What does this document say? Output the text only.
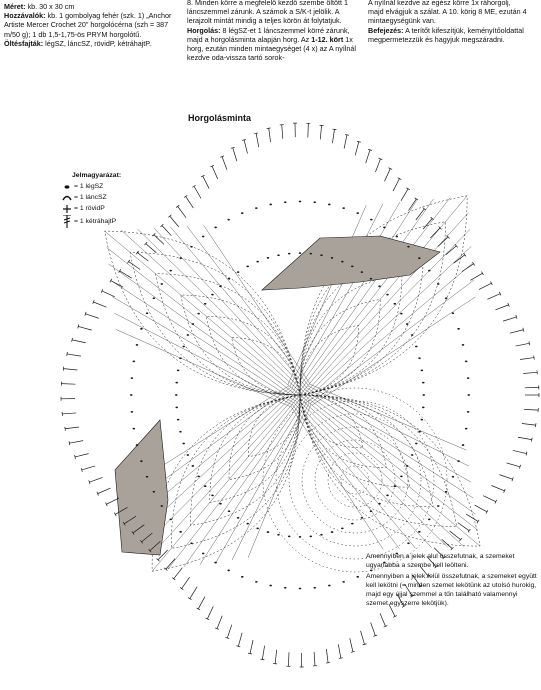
Méret: kb. 30 x 30 cm

Hozzávalók: kb. 1 gombolyag fehér (szk. 1) „Anchor Artiste Mercer Crochet 20" horgolócérna (szh = 387 m/50 g); 1 db 1,5-1,75-ös PRYM horgolótű.

Öltésfajták: légSZ, láncSZ, rövidP, kétráhajtP.

8. Minden körre a megfelelő kezdő szembe öltött 1 láncszemmel zárunk. A számok a S/K-t jelölik. A

lerajzolt mintát mindig a teljes körön át folytatjuk.

Horgolás: 8 légSZ-et 1 láncszemmel körré zárunk, majd a horgolásminta alapján horg. Az 1-12. kört 1x horg, ezután minden mintaegységet (4 x) az A nyílnál kezdve oda-vissza tartó sorok-

A nyílnál kezdve az egész körre 1x ráhorgolj,

majd elvágjuk a szálat. A 10. körig 8 ME, ezután 4 mintaegységünk van.

Befejezés: A terítőt kifeszítjük, keményítőoldattal megpermetezzük és hagyjuk megszáradni.

Horgolásminta
Jelmagyarázat:
= 1 légSZ
= 1 láncSZ
= 1 rövidP
= 1 kétráhajtP

Amennyiben a jelek alul összefutnak, a szemeket ugyanabba a szembe kell leölteni.

Amennyiben a jelek felül összefutnak, a szemeket együtt kell lekötni (= minden szemet lekötünk az utolsó hurokig, majd egy újjal szemmel a tűn található valamennyi szemet egyszerre lekötjük).
